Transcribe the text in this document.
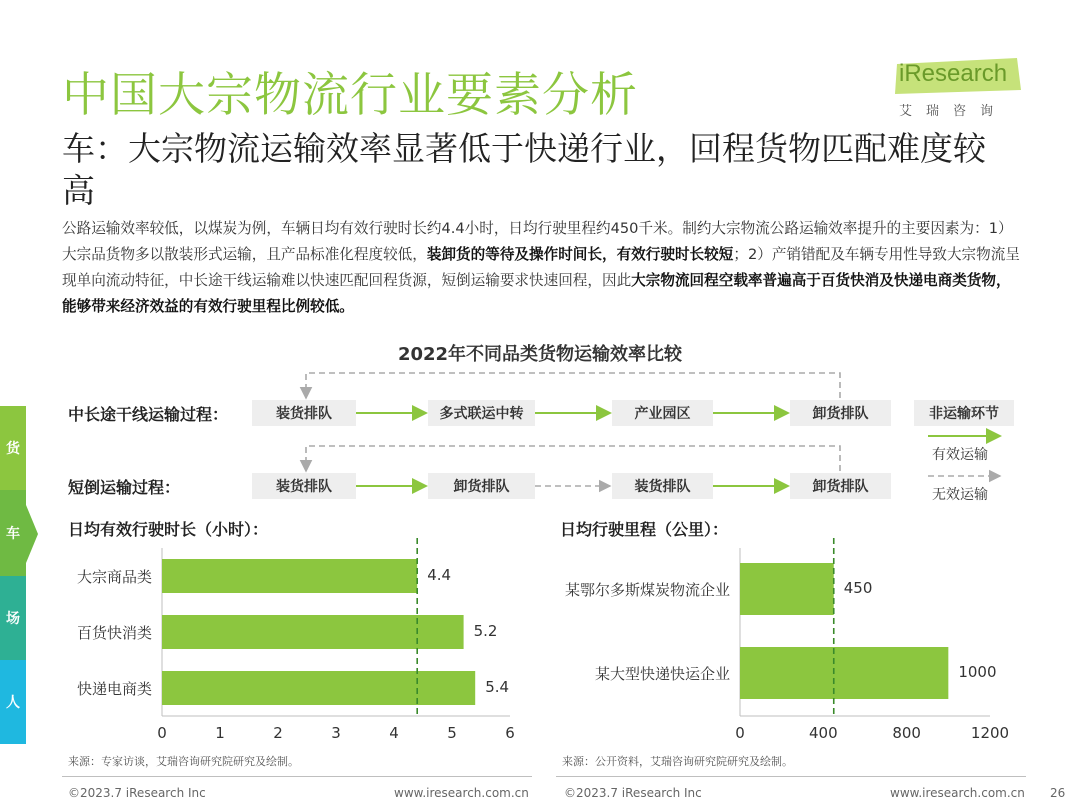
中国大宗物流行业要素分析	iResearch
艾瑞咨询
车：大宗物流运输效率显著低于快递行业，回程货物匹配难度较高
公路运输效率较低，以煤炭为例，车辆日均有效行驶时长约4.4小时，日均行驶里程约450千米。制约大宗物流公路运输效率提升的主要因素为：1）大宗品货物多以散装形式运输，且产品标准化程度较低，装卸货的等待及操作时间长，有效行驶时长较短；2）产销错配及车辆专用性导致大宗物流呈现单向流动特征，中长途干线运输难以快速匹配回程货源，短倒运输要求快速回程，因此大宗物流回程空载率普遍高于百货快消及快递电商类货物，能够带来经济效益的有效行驶里程比例较低。
2022年不同品类货物运输效率比较
中长途干线运输过程：	装货排队	多式联运中转	产业园区	卸货排队	非运输环节
短倒运输过程：	装货排队	卸货排队	装货排队	卸货排队
有效运输
无效运输
货
车
场
人
日均有效行驶时长（小时）：
大宗商品类	4.4
百货快消类	5.2
快递电商类	5.4
0	1	2	3	4	5	6
来源：专家访谈，艾瑞咨询研究院研究及绘制。
日均行驶里程（公里）：
某鄂尔多斯煤炭物流企业	450
某大型快递快运企业	1000
0	400	800	1200
来源：公开资料，艾瑞咨询研究院研究及绘制。
©2023.7 iResearch Inc	www.iresearch.com.cn	©2023.7 iResearch Inc	www.iresearch.com.cn 26
